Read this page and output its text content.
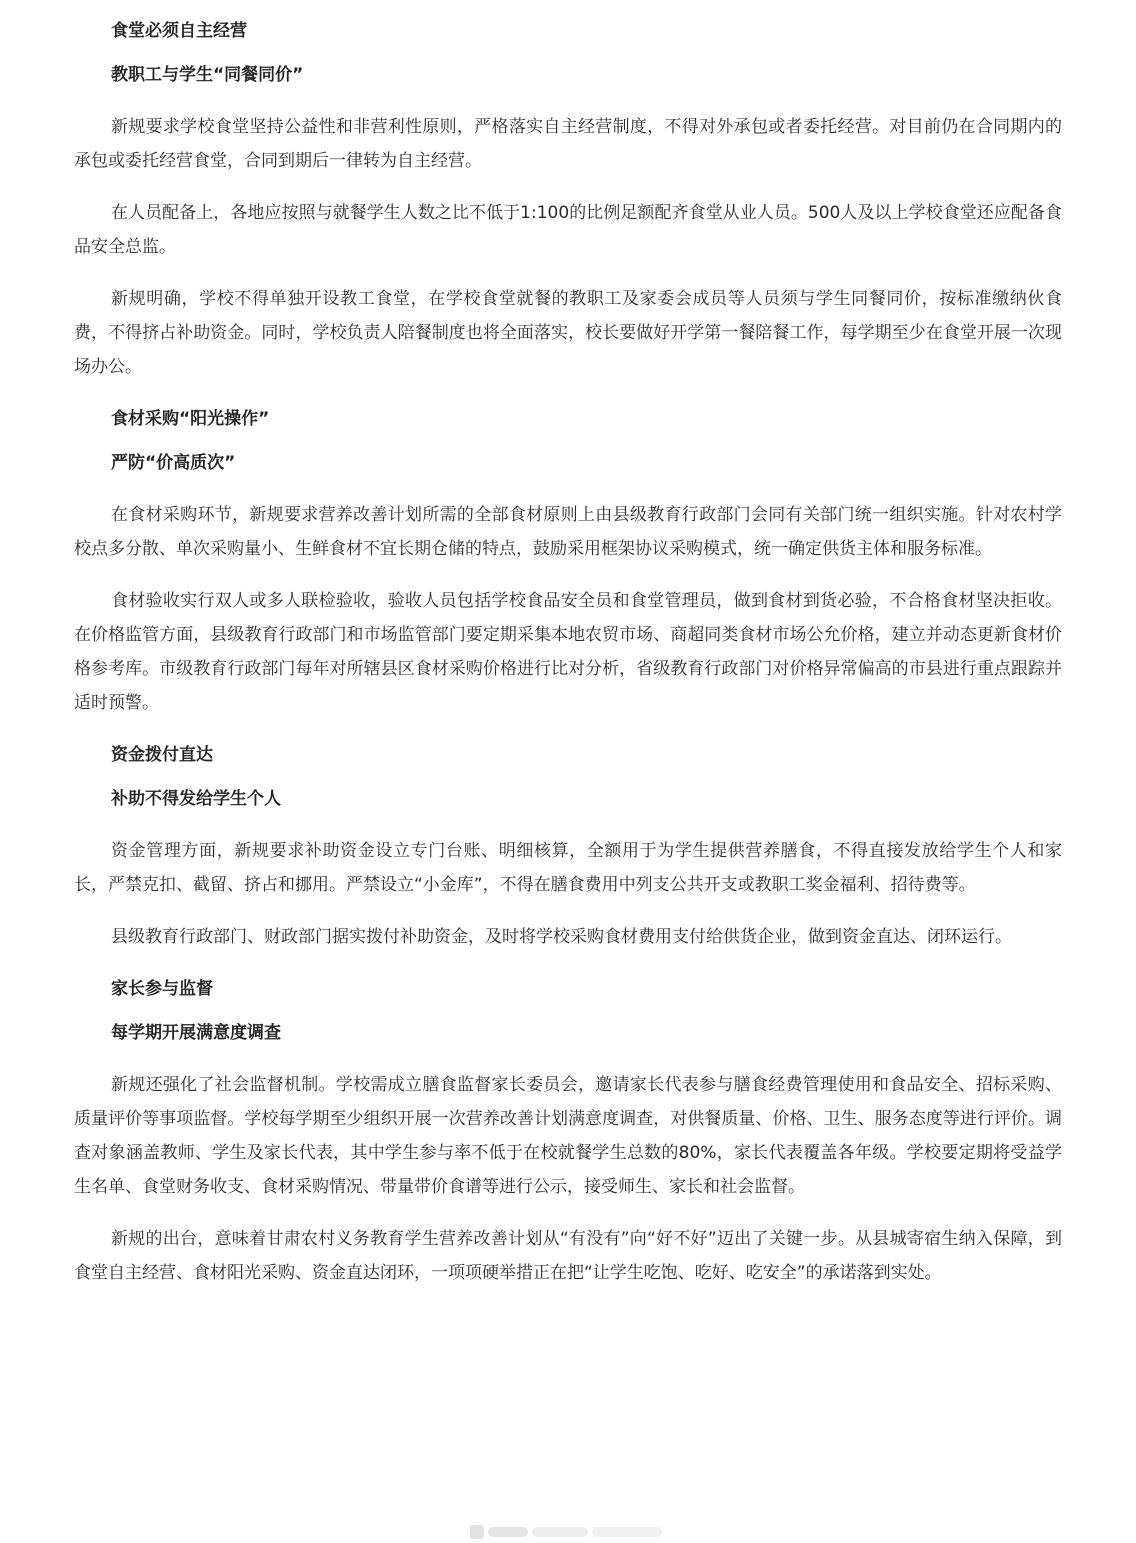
食堂必须自主经营
教职工与学生“同餐同价”

新规要求学校食堂坚持公益性和非营利性原则，严格落实自主经营制度，不得对外承包或者委托经营。对目前仍在合同期内的承包或委托经营食堂，合同到期后一律转为自主经营。

在人员配备上，各地应按照与就餐学生人数之比不低于1:100的比例足额配齐食堂从业人员。500人及以上学校食堂还应配备食品安全总监。

新规明确，学校不得单独开设教工食堂，在学校食堂就餐的教职工及家委会成员等人员须与学生同餐同价，按标准缴纳伙食费，不得挤占补助资金。同时，学校负责人陪餐制度也将全面落实，校长要做好开学第一餐陪餐工作，每学期至少在食堂开展一次现场办公。

食材采购“阳光操作”
严防“价高质次”

在食材采购环节，新规要求营养改善计划所需的全部食材原则上由县级教育行政部门会同有关部门统一组织实施。针对农村学校点多分散、单次采购量小、生鲜食材不宜长期仓储的特点，鼓励采用框架协议采购模式，统一确定供货主体和服务标准。

食材验收实行双人或多人联检验收，验收人员包括学校食品安全员和食堂管理员，做到食材到货必验，不合格食材坚决拒收。在价格监管方面，县级教育行政部门和市场监管部门要定期采集本地农贸市场、商超同类食材市场公允价格，建立并动态更新食材价格参考库。市级教育行政部门每年对所辖县区食材采购价格进行比对分析，省级教育行政部门对价格异常偏高的市县进行重点跟踪并适时预警。

资金拨付直达
补助不得发给学生个人

资金管理方面，新规要求补助资金设立专门台账、明细核算，全额用于为学生提供营养膳食，不得直接发放给学生个人和家长，严禁克扣、截留、挤占和挪用。严禁设立“小金库”，不得在膳食费用中列支公共开支或教职工奖金福利、招待费等。

县级教育行政部门、财政部门据实拨付补助资金，及时将学校采购食材费用支付给供货企业，做到资金直达、闭环运行。

家长参与监督
每学期开展满意度调查

新规还强化了社会监督机制。学校需成立膳食监督家长委员会，邀请家长代表参与膳食经费管理使用和食品安全、招标采购、质量评价等事项监督。学校每学期至少组织开展一次营养改善计划满意度调查，对供餐质量、价格、卫生、服务态度等进行评价。调查对象涵盖教师、学生及家长代表，其中学生参与率不低于在校就餐学生总数的80%，家长代表覆盖各年级。学校要定期将受益学生名单、食堂财务收支、食材采购情况、带量带价食谱等进行公示，接受师生、家长和社会监督。

新规的出台，意味着甘肃农村义务教育学生营养改善计划从“有没有”向“好不好”迈出了关键一步。从县城寄宿生纳入保障，到食堂自主经营、食材阳光采购、资金直达闭环，一项项硬举措正在把“让学生吃饱、吃好、吃安全”的承诺落到实处。
